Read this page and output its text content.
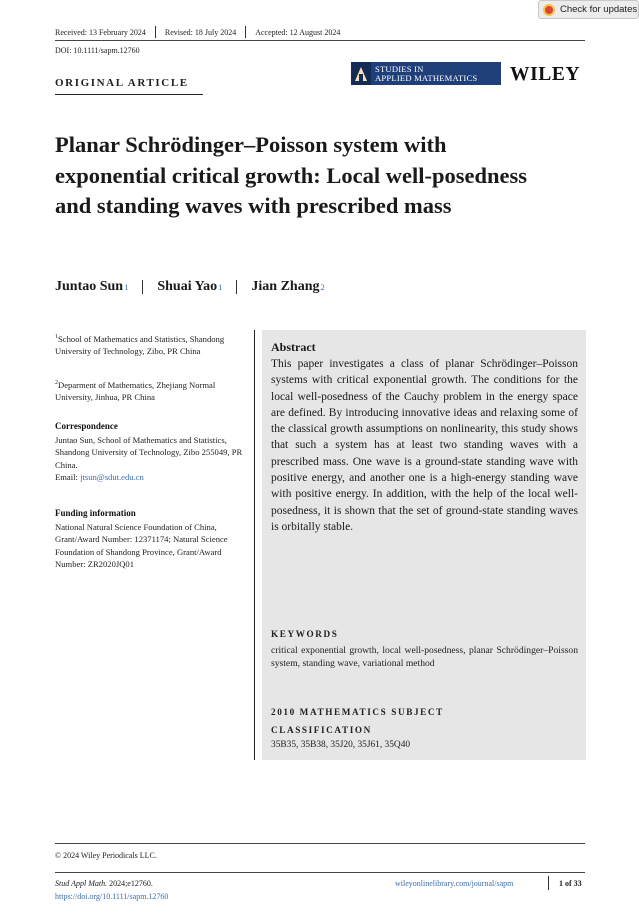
Check for updates
Received: 13 February 2024 Revised: 18 July 2024 Accepted: 12 August 2024
DOI: 10.1111/sapm.12760
ORIGINAL ARTICLE
STUDIES IN
APPLIED MATHEMATICS WILEY
Planar Schrödinger–Poisson system with exponential critical growth: Local well-posedness and standing waves with prescribed mass
Juntao Sun 1 Shuai Yao 1 Jian Zhang 2
$^1$School of Mathematics and Statistics, Shandong University of Technology, Zibo, PR China
$^2$Deparment of Mathematics, Zhejiang Normal University, Jinhua, PR China
Correspondence
Juntao Sun, School of Mathematics and Statistics, Shandong University of Technology, Zibo 255049, PR China.
Email: jtsun@sdut.edu.cn
Funding information
National Natural Science Foundation of China, Grant/Award Number: 12371174; Natural Science Foundation of Shandong Province, Grant/Award Number: ZR2020JQ01
Abstract
This paper investigates a class of planar Schrödinger–Poisson systems with critical exponential growth. The conditions for the local well-posedness of the Cauchy problem in the energy space are defined. By introducing innovative ideas and relaxing some of the classical growth assumptions on nonlinearity, this study shows that such a system has at least two standing waves with a prescribed mass. One wave is a ground-state standing wave with positive energy, and another one is a high-energy standing wave with positive energy. In addition, with the help of the local well-posedness, it is shown that the set of ground-state standing waves is orbitally stable.
KEYWORDS
critical exponential growth, local well-posedness, planar Schrödinger–Poisson system, standing wave, variational method
2010 MATHEMATICS SUBJECT
CLASSIFICATION
35B35, 35B38, 35J20, 35J61, 35Q40
© 2024 Wiley Periodicals LLC.
Stud Appl Math. 2024;e12760.
https://doi.org/10.1111/sapm.12760
wileyonlinelibrary.com/journal/sapm	1 of 33
